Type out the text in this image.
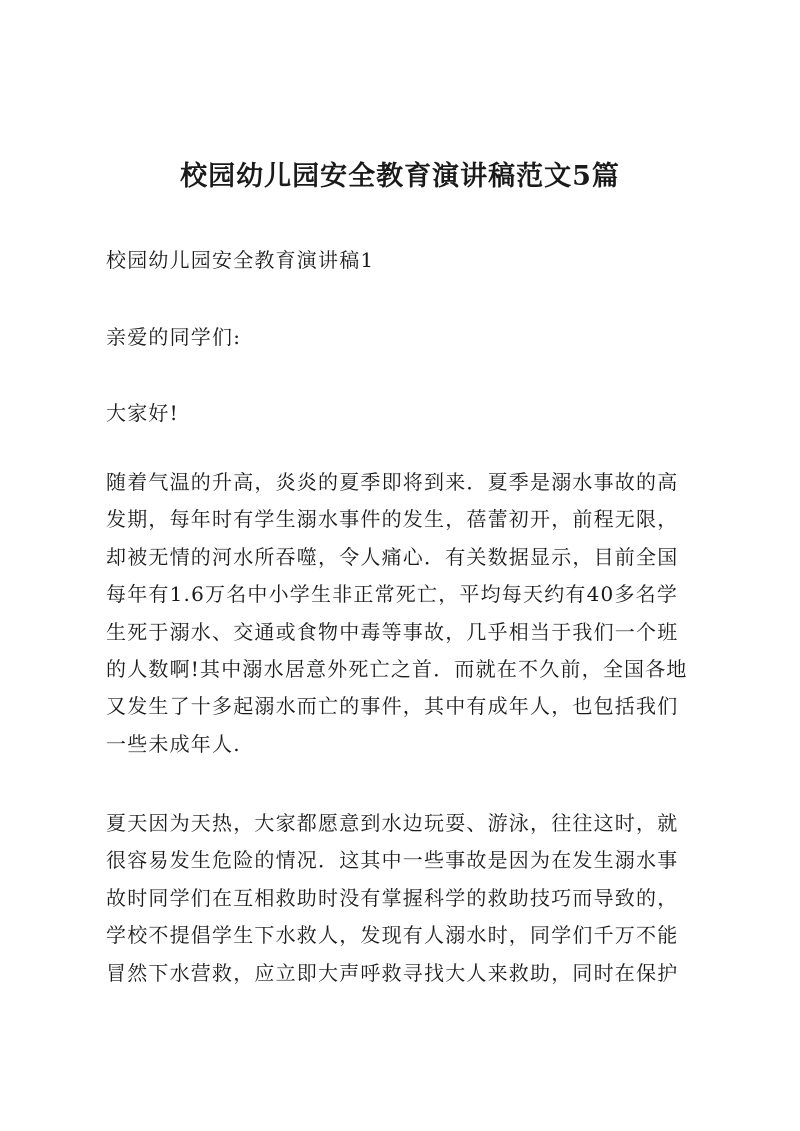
校园幼儿园安全教育演讲稿范文5篇

校园幼儿园安全教育演讲稿1

亲爱的同学们:

大家好!

随着气温的升高，炎炎的夏季即将到来．夏季是溺水事故的高
发期，每年时有学生溺水事件的发生，蓓蕾初开，前程无限，
却被无情的河水所吞噬，令人痛心．有关数据显示，目前全国
每年有1.6万名中小学生非正常死亡，平均每天约有40多名学
生死于溺水、交通或食物中毒等事故，几乎相当于我们一个班
的人数啊!其中溺水居意外死亡之首．而就在不久前，全国各地
又发生了十多起溺水而亡的事件，其中有成年人，也包括我们
一些未成年人.
夏天因为天热，大家都愿意到水边玩耍、游泳，往往这时，就
很容易发生危险的情况．这其中一些事故是因为在发生溺水事
故时同学们在互相救助时没有掌握科学的救助技巧而导致的，
学校不提倡学生下水救人，发现有人溺水时，同学们千万不能
冒然下水营救，应立即大声呼救寻找大人来救助，同时在保护
